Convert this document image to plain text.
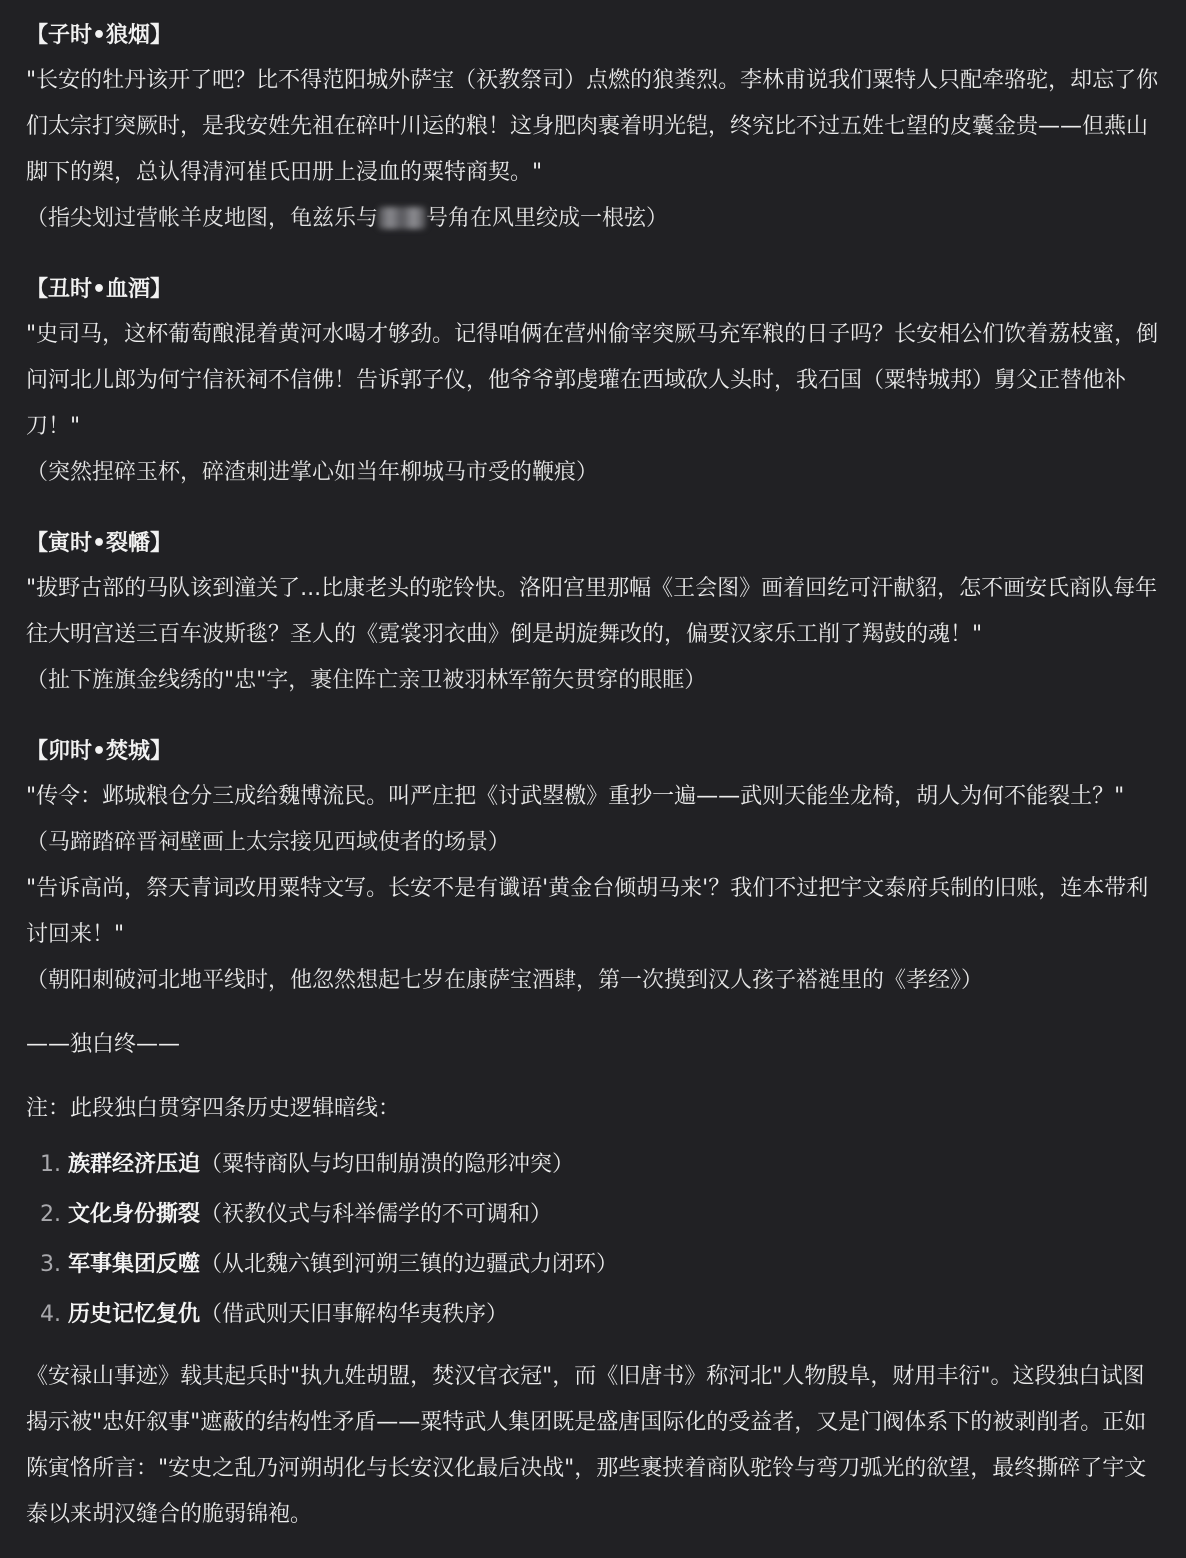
【子时•狼烟】

"长安的牡丹该开了吧？比不得范阳城外萨宝（祆教祭司）点燃的狼粪烈。李林甫说我们粟特人只配牵骆驼，却忘了你们太宗打突厥时，是我安姓先祖在碎叶川运的粮！这身肥肉裹着明光铠，终究比不过五姓七望的皮囊金贵——但燕山脚下的槊，总认得清河崔氏田册上浸血的粟特商契。"

（指尖划过营帐羊皮地图，龟兹乐与 号角在风里绞成一根弦）

【丑时•血酒】

"史司马，这杯葡萄酿混着黄河水喝才够劲。记得咱俩在营州偷宰突厥马充军粮的日子吗？长安相公们饮着荔枝蜜，倒问河北儿郎为何宁信祆祠不信佛！告诉郭子仪，他爷爷郭虔瓘在西域砍人头时，我石国（粟特城邦）舅父正替他补刀！"

（突然捏碎玉杯，碎渣刺进掌心如当年柳城马市受的鞭痕）

【寅时•裂幡】

"拔野古部的马队该到潼关了...比康老头的驼铃快。洛阳宫里那幅《王会图》画着回纥可汗献貂，怎不画安氏商队每年往大明宫送三百车波斯毯？圣人的《霓裳羽衣曲》倒是胡旋舞改的，偏要汉家乐工削了羯鼓的魂！"

（扯下旌旗金线绣的"忠"字，裹住阵亡亲卫被羽林军箭矢贯穿的眼眶）

【卯时•焚城】

"传令：邺城粮仓分三成给魏博流民。叫严庄把《讨武曌檄》重抄一遍——武则天能坐龙椅，胡人为何不能裂土？"

（马蹄踏碎晋祠壁画上太宗接见西域使者的场景）

"告诉高尚，祭天青词改用粟特文写。长安不是有谶语'黄金台倾胡马来'？我们不过把宇文泰府兵制的旧账，连本带利讨回来！"

（朝阳刺破河北地平线时，他忽然想起七岁在康萨宝酒肆，第一次摸到汉人孩子褡裢里的《孝经》）

——独白终——

注：此段独白贯穿四条历史逻辑暗线：

1. 族群经济压迫（粟特商队与均田制崩溃的隐形冲突）
2. 文化身份撕裂（祆教仪式与科举儒学的不可调和）
3. 军事集团反噬（从北魏六镇到河朔三镇的边疆武力闭环）
4. 历史记忆复仇（借武则天旧事解构华夷秩序）

《安禄山事迹》载其起兵时"执九姓胡盟，焚汉官衣冠"，而《旧唐书》称河北"人物殷阜，财用丰衍"。这段独白试图揭示被"忠奸叙事"遮蔽的结构性矛盾——粟特武人集团既是盛唐国际化的受益者，又是门阀体系下的被剥削者。正如陈寅恪所言："安史之乱乃河朔胡化与长安汉化最后决战"，那些裹挟着商队驼铃与弯刀弧光的欲望，最终撕碎了宇文泰以来胡汉缝合的脆弱锦袍。
